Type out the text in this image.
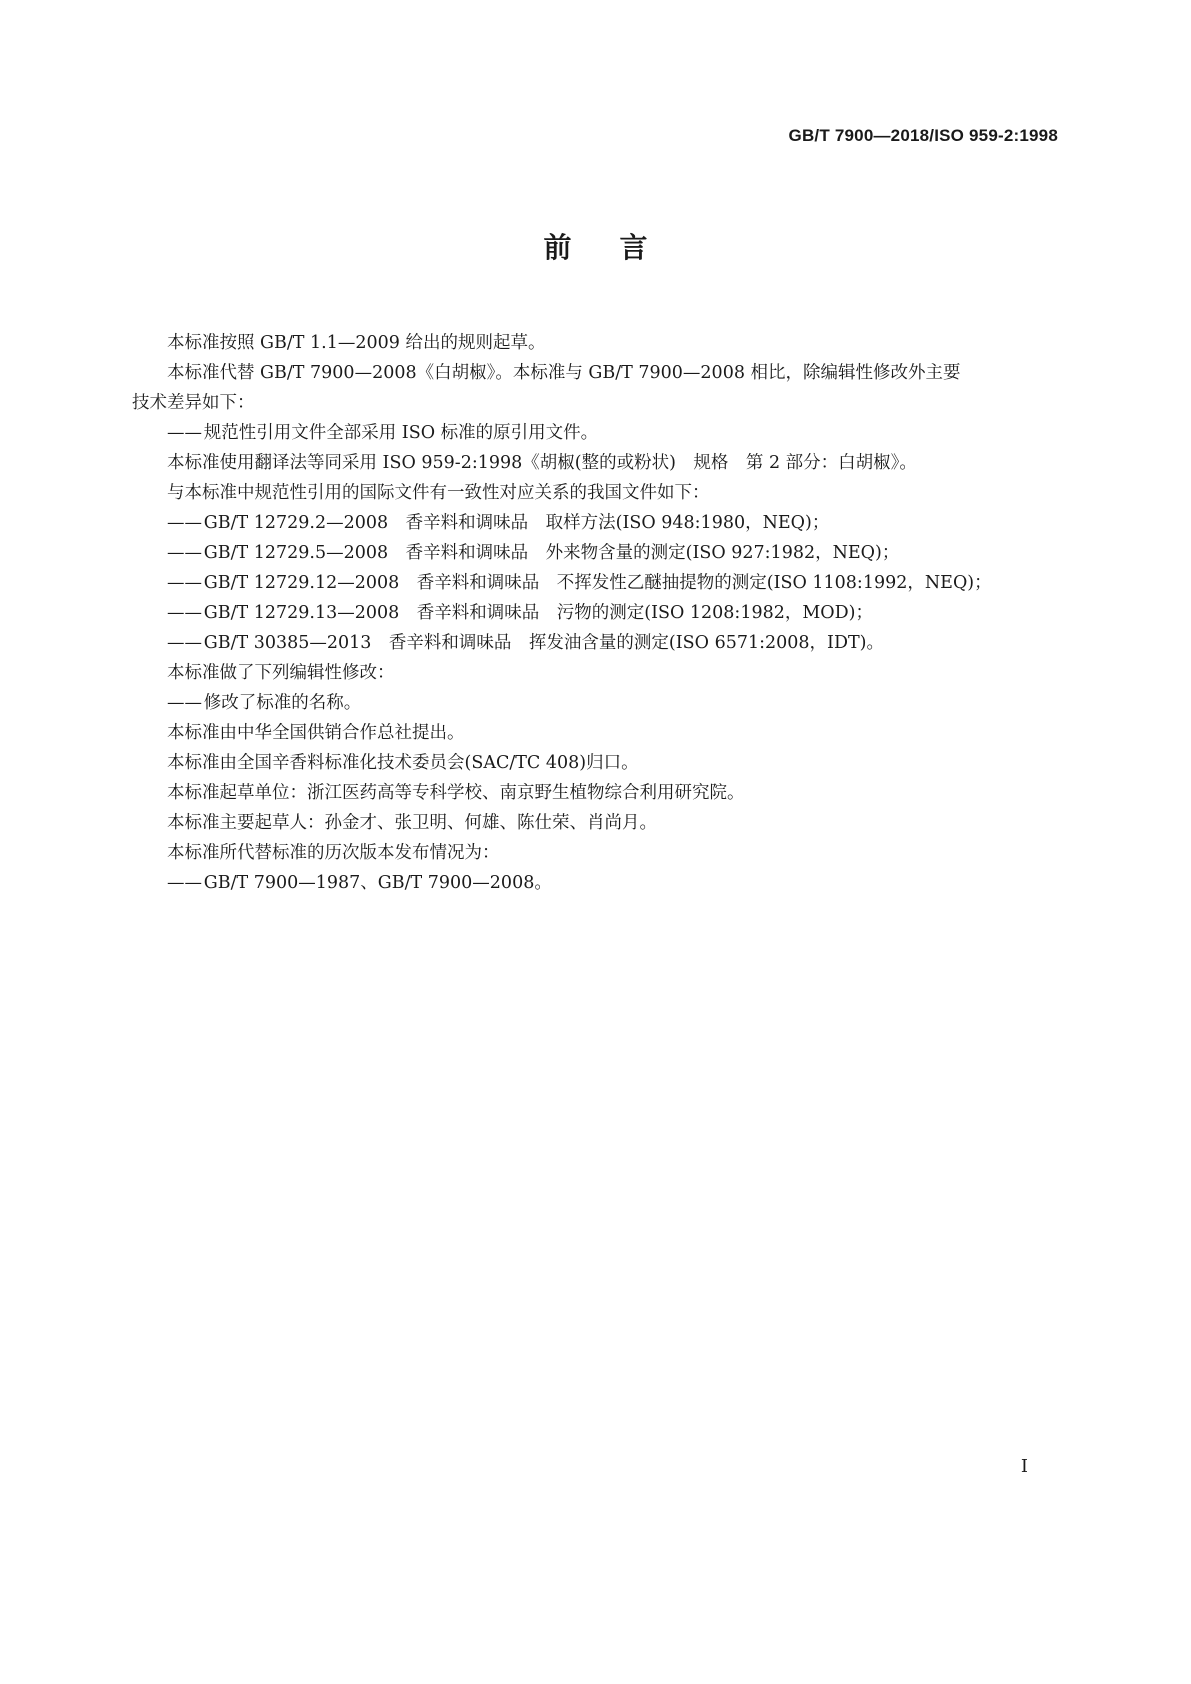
GB/T 7900—2018/ISO 959-2:1998
前言

本标准按照 GB/T 1.1—2009 给出的规则起草。

本标准代替 GB/T 7900—2008《白胡椒》。本标准与 GB/T 7900—2008 相比，除编辑性修改外主要
技术差异如下：

—— 规范性引用文件全部采用 ISO 标准的原引用文件。

本标准使用翻译法等同采用 ISO 959-2:1998《胡椒(整的或粉状)　规格　第 2 部分：白胡椒》。

与本标准中规范性引用的国际文件有一致性对应关系的我国文件如下：

—— GB/T 12729.2—2008　香辛料和调味品　取样方法(ISO 948:1980，NEQ)；

—— GB/T 12729.5—2008　香辛料和调味品　外来物含量的测定(ISO 927:1982，NEQ)；

—— GB/T 12729.12—2008　香辛料和调味品　不挥发性乙醚抽提物的测定(ISO 1108:1992，NEQ)；

—— GB/T 12729.13—2008　香辛料和调味品　污物的测定(ISO 1208:1982，MOD)；

—— GB/T 30385—2013　香辛料和调味品　挥发油含量的测定(ISO 6571:2008，IDT)。

本标准做了下列编辑性修改：

—— 修改了标准的名称。

本标准由中华全国供销合作总社提出。

本标准由全国辛香料标准化技术委员会(SAC/TC 408)归口。

本标准起草单位：浙江医药高等专科学校、南京野生植物综合利用研究院。

本标准主要起草人：孙金才、张卫明、何雄、陈仕荣、肖尚月。

本标准所代替标准的历次版本发布情况为：

—— GB/T 7900—1987、GB/T 7900—2008。

I
